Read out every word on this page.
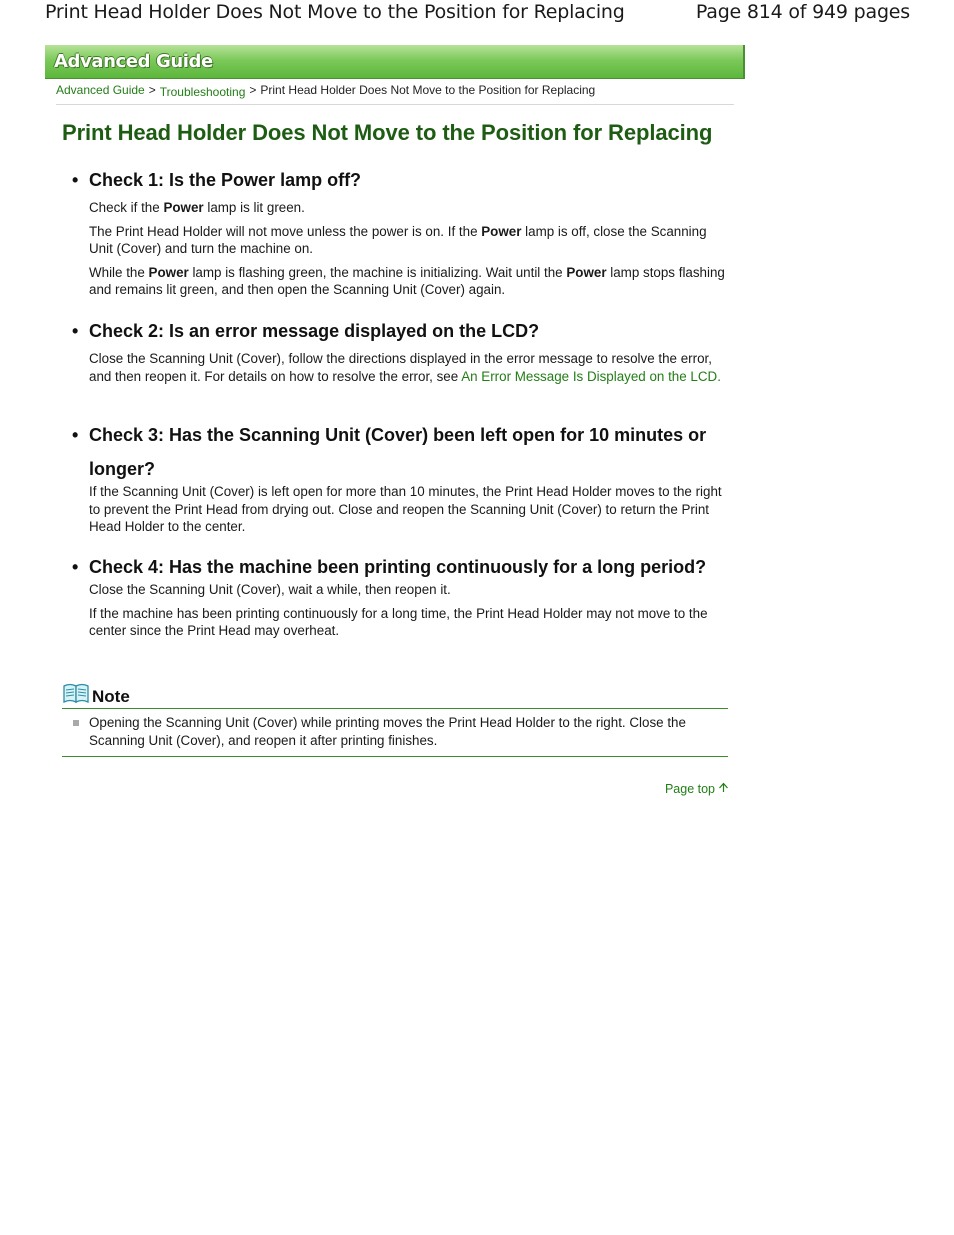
Print Head Holder Does Not Move to the Position for Replacing	Page 814 of 949 pages
Advanced Guide
Advanced Guide > Troubleshooting > Print Head Holder Does Not Move to the Position for Replacing
Print Head Holder Does Not Move to the Position for Replacing
• Check 1: Is the Power lamp off?

Check if the Power lamp is lit green.

The Print Head Holder will not move unless the power is on. If the Power lamp is off, close the Scanning Unit (Cover) and turn the machine on.

While the Power lamp is flashing green, the machine is initializing. Wait until the Power lamp stops flashing and remains lit green, and then open the Scanning Unit (Cover) again.

• Check 2: Is an error message displayed on the LCD?

Close the Scanning Unit (Cover), follow the directions displayed in the error message to resolve the error, and then reopen it. For details on how to resolve the error, see An Error Message Is Displayed on the LCD.

• Check 3: Has the Scanning Unit (Cover) been left open for 10 minutes or longer?

If the Scanning Unit (Cover) is left open for more than 10 minutes, the Print Head Holder moves to the right to prevent the Print Head from drying out. Close and reopen the Scanning Unit (Cover) to return the Print Head Holder to the center.

• Check 4: Has the machine been printing continuously for a long period?

Close the Scanning Unit (Cover), wait a while, then reopen it.

If the machine has been printing continuously for a long time, the Print Head Holder may not move to the center since the Print Head may overheat.

Note
Opening the Scanning Unit (Cover) while printing moves the Print Head Holder to the right. Close the Scanning Unit (Cover), and reopen it after printing finishes.
Page top
